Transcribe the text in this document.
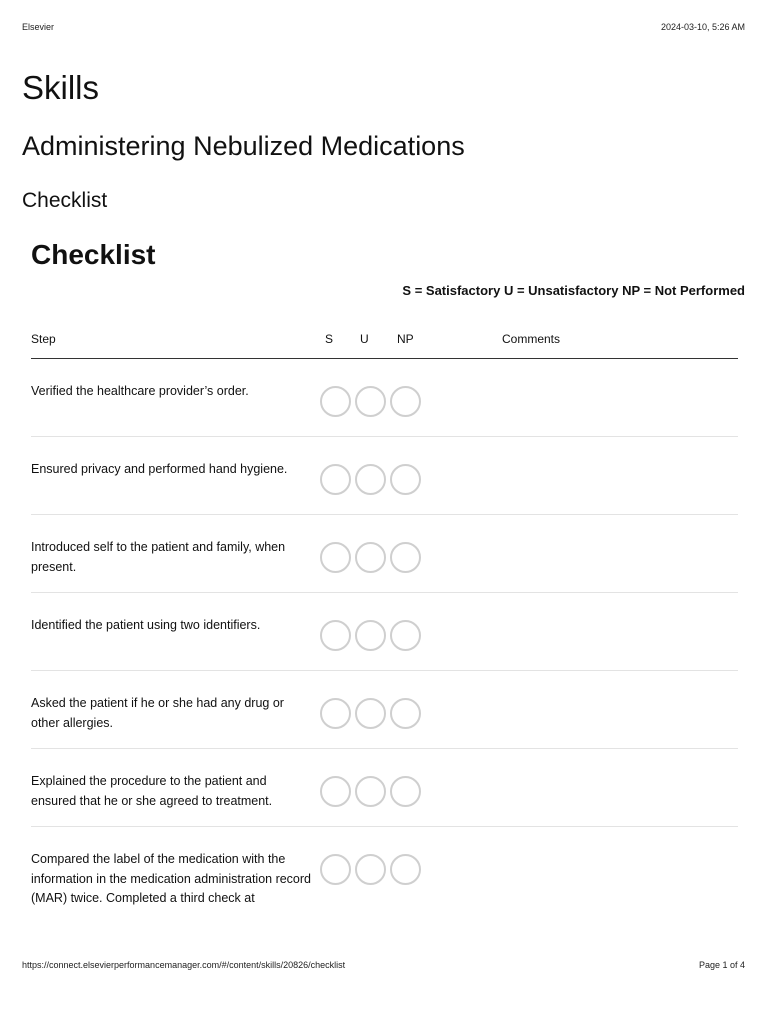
Elsevier	2024-03-10, 5:26 AM
Skills
Administering Nebulized Medications
Checklist
Checklist
S = Satisfactory U = Unsatisfactory NP = Not Performed
Step	S U NP	Comments
Verified the healthcare provider’s order.
Ensured privacy and performed hand hygiene.
Introduced self to the patient and family, when present.
Identified the patient using two identifiers.
Asked the patient if he or she had any drug or other allergies.
Explained the procedure to the patient and ensured that he or she agreed to treatment.
Compared the label of the medication with the information in the medication administration record (MAR) twice. Completed a third check at
https://connect.elsevierperformancemanager.com/#/content/skills/20826/checklist	Page 1 of 4
